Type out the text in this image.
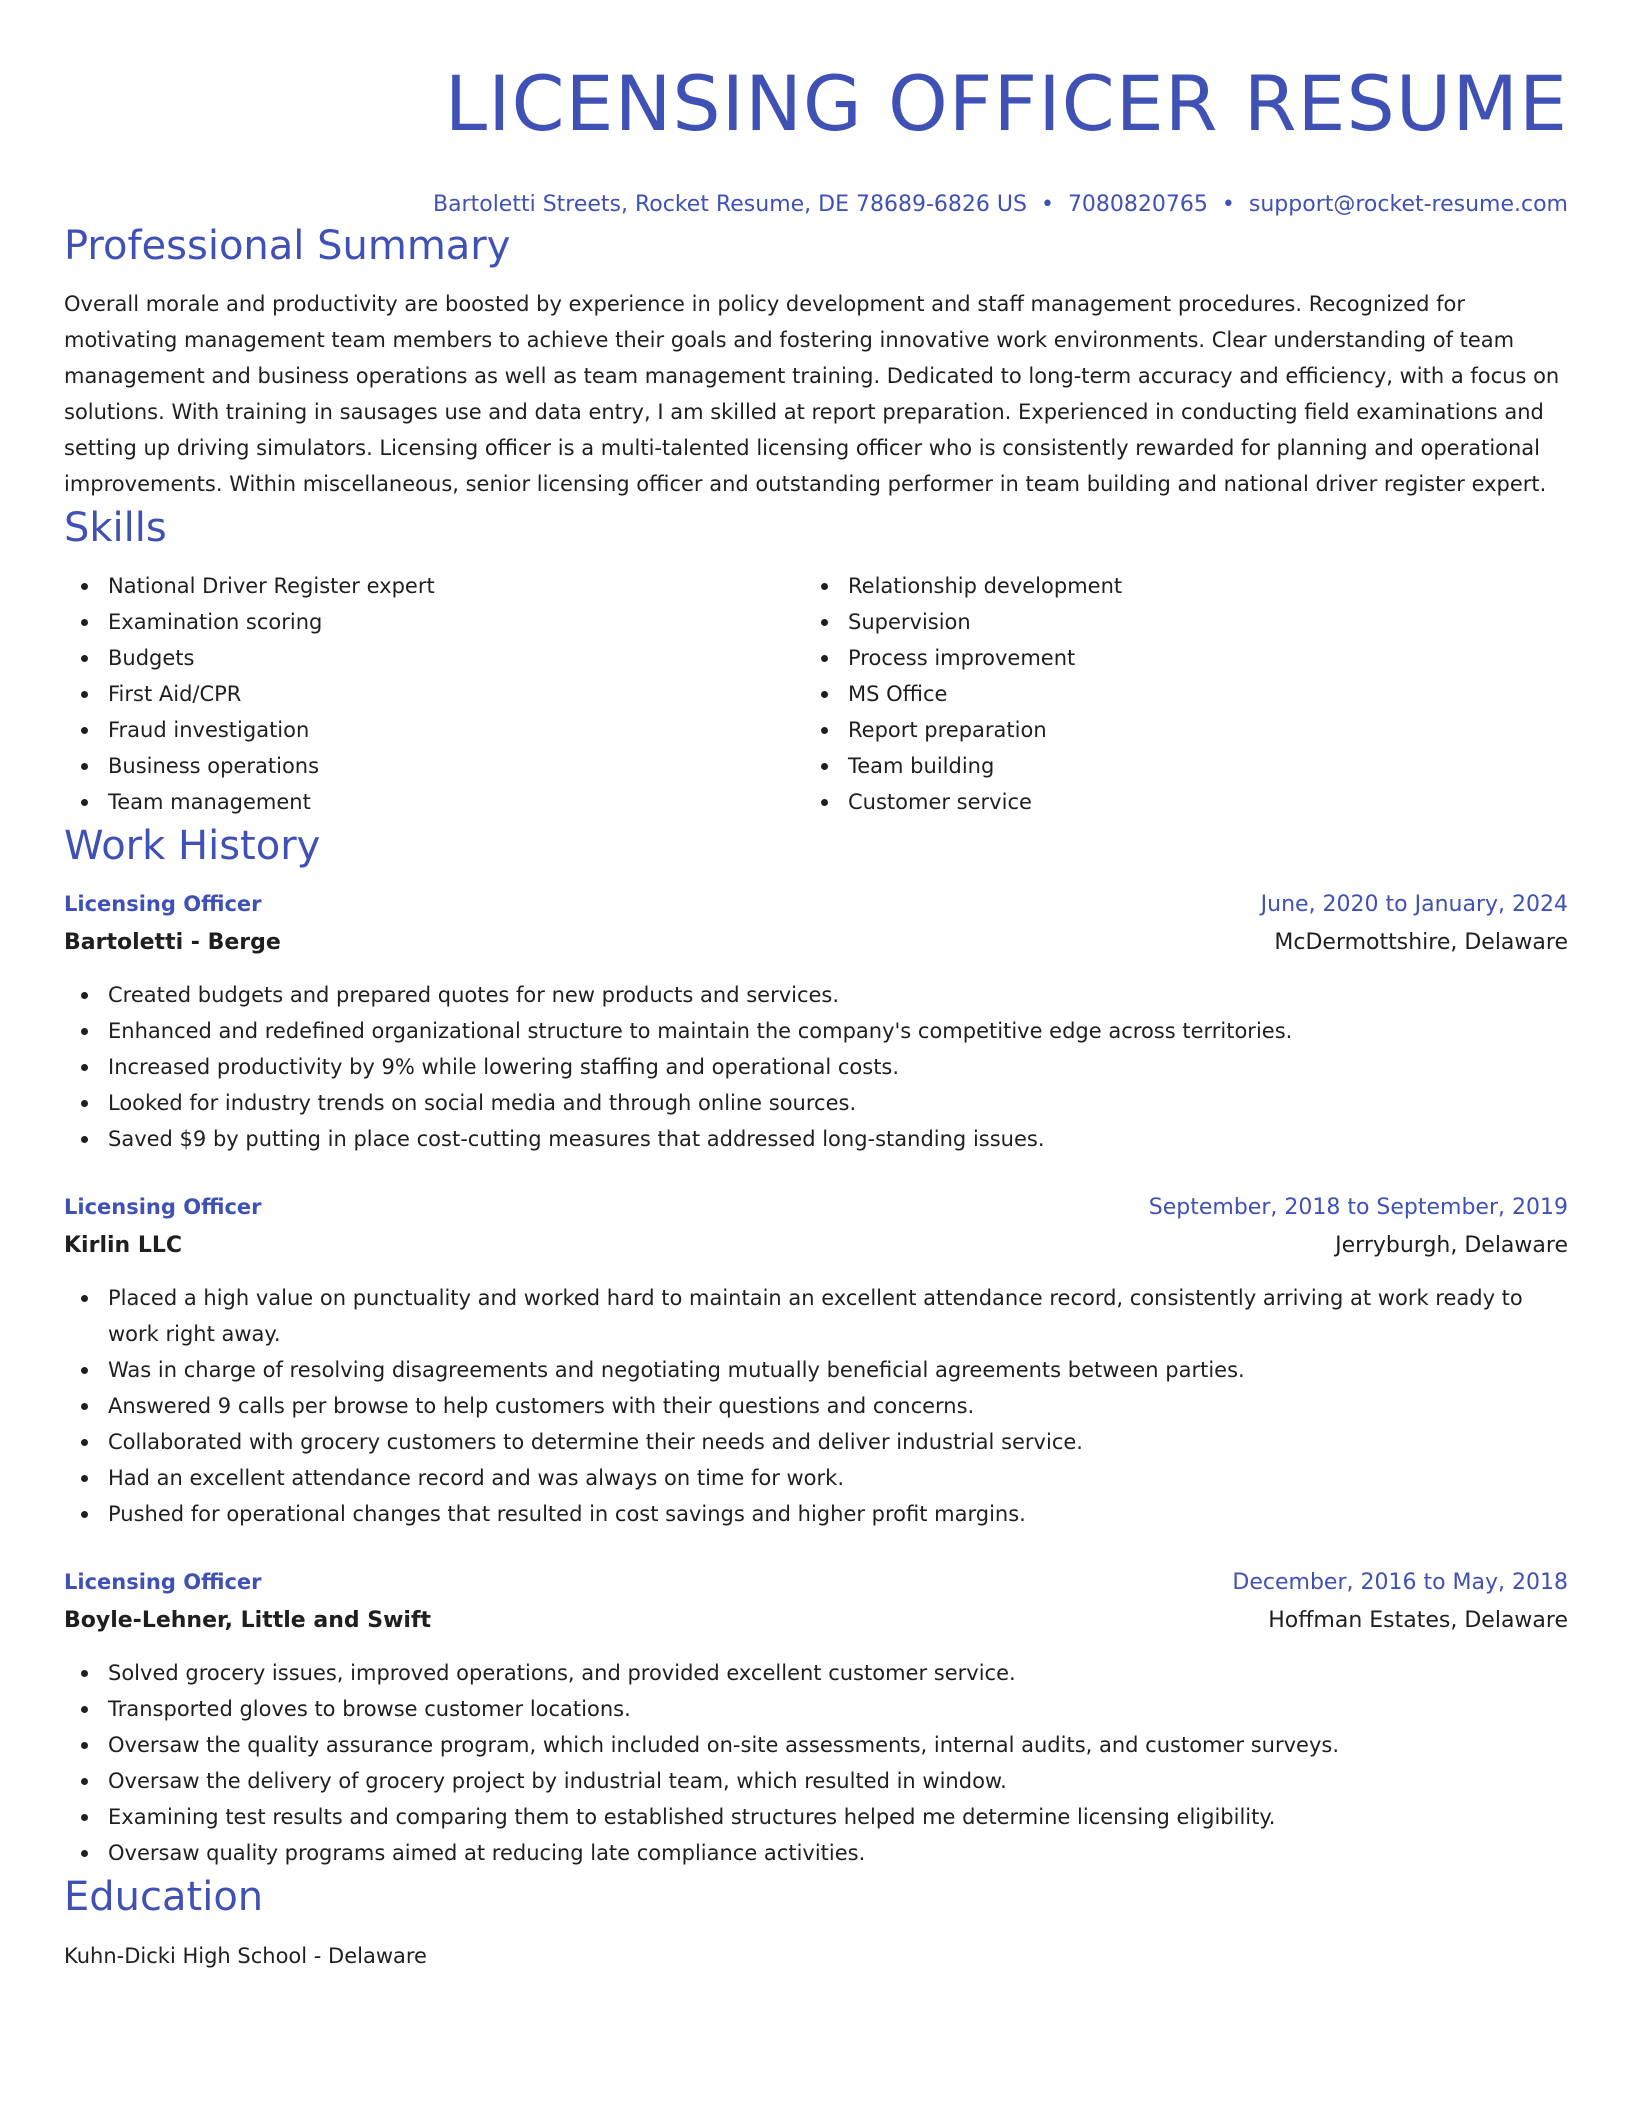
LICENSING OFFICER RESUME
Bartoletti Streets, Rocket Resume, DE 78689-6826 US • 7080820765 • support@rocket-resume.com
Professional Summary
Overall morale and productivity are boosted by experience in policy development and staff management procedures. Recognized for motivating management team members to achieve their goals and fostering innovative work environments. Clear understanding of team management and business operations as well as team management training. Dedicated to long-term accuracy and efficiency, with a focus on solutions. With training in sausages use and data entry, I am skilled at report preparation. Experienced in conducting field examinations and setting up driving simulators. Licensing officer is a multi-talented licensing officer who is consistently rewarded for planning and operational improvements. Within miscellaneous, senior licensing officer and outstanding performer in team building and national driver register expert.
Skills
National Driver Register expert
Examination scoring
Budgets
First Aid/CPR
Fraud investigation
Business operations
Team management
Relationship development
Supervision
Process improvement
MS Office
Report preparation
Team building
Customer service
Work History
Licensing Officer	June, 2020 to January, 2024
Bartoletti - Berge	McDermottshire, Delaware
Created budgets and prepared quotes for new products and services.
Enhanced and redefined organizational structure to maintain the company's competitive edge across territories.
Increased productivity by 9% while lowering staffing and operational costs.
Looked for industry trends on social media and through online sources.
Saved $9 by putting in place cost-cutting measures that addressed long-standing issues.
Licensing Officer	September, 2018 to September, 2019
Kirlin LLC	Jerryburgh, Delaware
Placed a high value on punctuality and worked hard to maintain an excellent attendance record, consistently arriving at work ready to work right away.
Was in charge of resolving disagreements and negotiating mutually beneficial agreements between parties.
Answered 9 calls per browse to help customers with their questions and concerns.
Collaborated with grocery customers to determine their needs and deliver industrial service.
Had an excellent attendance record and was always on time for work.
Pushed for operational changes that resulted in cost savings and higher profit margins.
Licensing Officer	December, 2016 to May, 2018
Boyle-Lehner, Little and Swift	Hoffman Estates, Delaware
Solved grocery issues, improved operations, and provided excellent customer service.
Transported gloves to browse customer locations.
Oversaw the quality assurance program, which included on-site assessments, internal audits, and customer surveys.
Oversaw the delivery of grocery project by industrial team, which resulted in window.
Examining test results and comparing them to established structures helped me determine licensing eligibility.
Oversaw quality programs aimed at reducing late compliance activities.
Education
Kuhn-Dicki High School - Delaware
